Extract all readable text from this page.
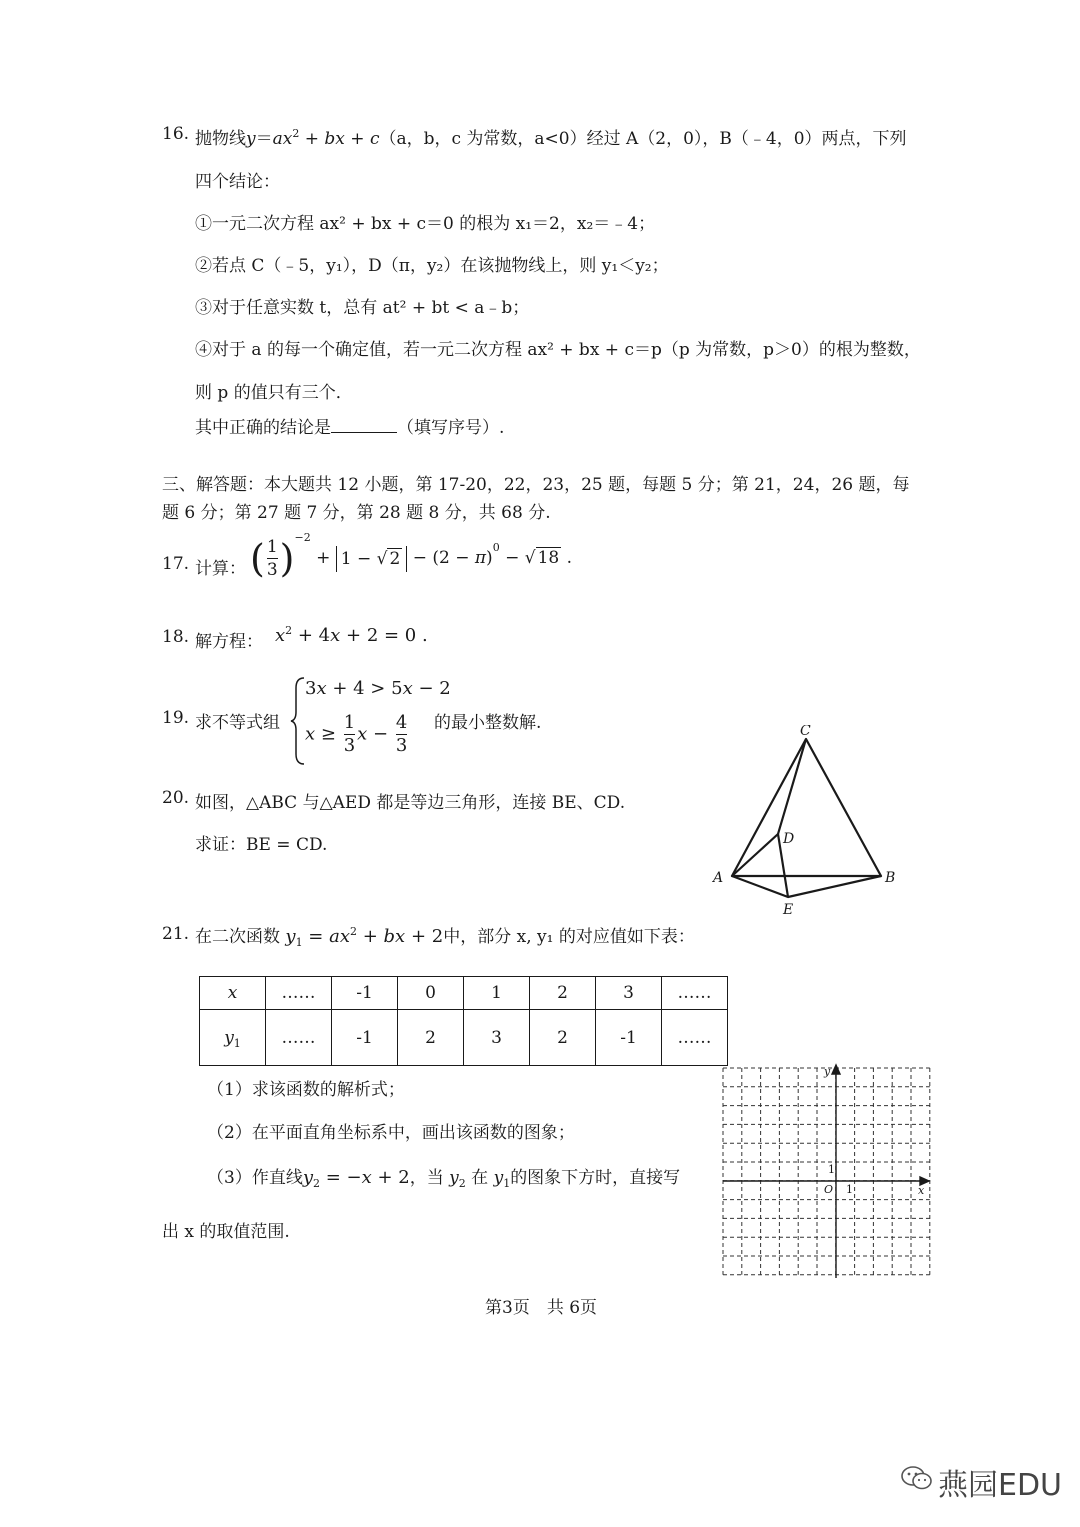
16. 抛物线$y=ax^2$ + bx + c（a，b，c 为常数，a<0）经过 A（2，0），B（﹣4，0）两点，下列
四个结论：
①一元二次方程 ax² + bx + c＝0 的根为 x₁＝2，x₂＝﹣4；
②若点 C（﹣5，y₁），D（π，y₂）在该抛物线上，则 y₁＜y₂；
③对于任意实数 t，总有 at² + bt < a﹣b；
④对于 a 的每一个确定值，若一元二次方程 ax² + bx + c＝p（p 为常数，p＞0）的根为整数，
则 p 的值只有三个．
其中正确的结论是	（填写序号）.
三、解答题：本大题共 12 小题，第 17-20，22，23，25 题，每题 5 分；第 21，24，26 题，每
题 6 分；第 27 题 7 分，第 28 题 8 分，共 68 分.
17. 计算： ( $\frac{1}{3} )^{-2} + 1$ − √ $2 - (2 - \pi)^0$ − √ 18 .
18. 解方程： $x^2 + 4x + 2 = 0$ .
19. 求不等式组
3x + 4 > 5x − 2
$x \ge \frac{1}{3}$ $x - \frac{4}{3}$ 的最小整数解.
20. 如图，△ABC 与△AED 都是等边三角形，连接 BE、CD.
求证：BE = CD.
C
D
A	B
E
21. 在二次函数 $y_1 = ax^2$ + bx + 2中，部分 x, y₁ 的对应值如下表：
x	……	-1	0	1	2	3	……
$y_1$	……	-1	2	3	2	-1	……
（1）求该函数的解析式；
（2）在平面直角坐标系中，画出该函数的图象；
（3）作直线$y_2 = -x + 2$，当 $y_2$ 在 $y_1$的图象下方时，直接写
出 x 的取值范围.
y
x
O 1
1
第3页　共 6页
燕园EDU
